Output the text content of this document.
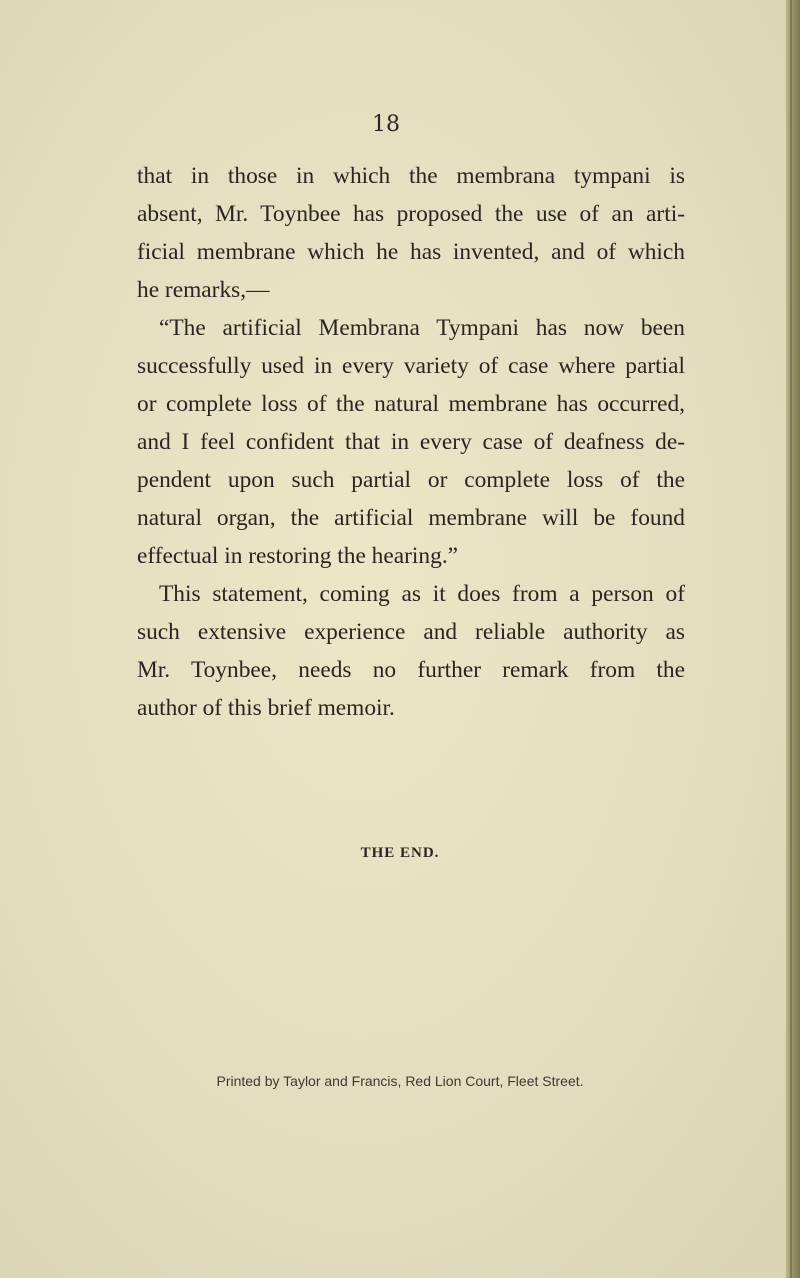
18
that in those in which the membrana tympani is
absent, Mr. Toynbee has proposed the use of an arti-
ficial membrane which he has invented, and of which
he remarks,—
“The artificial Membrana Tympani has now been
successfully used in every variety of case where partial
or complete loss of the natural membrane has occurred,
and I feel confident that in every case of deafness de-
pendent upon such partial or complete loss of the
natural organ, the artificial membrane will be found
effectual in restoring the hearing.”
This statement, coming as it does from a person of
such extensive experience and reliable authority as
Mr. Toynbee, needs no further remark from the
author of this brief memoir.
THE END.
Printed by Taylor and Francis, Red Lion Court, Fleet Street.
